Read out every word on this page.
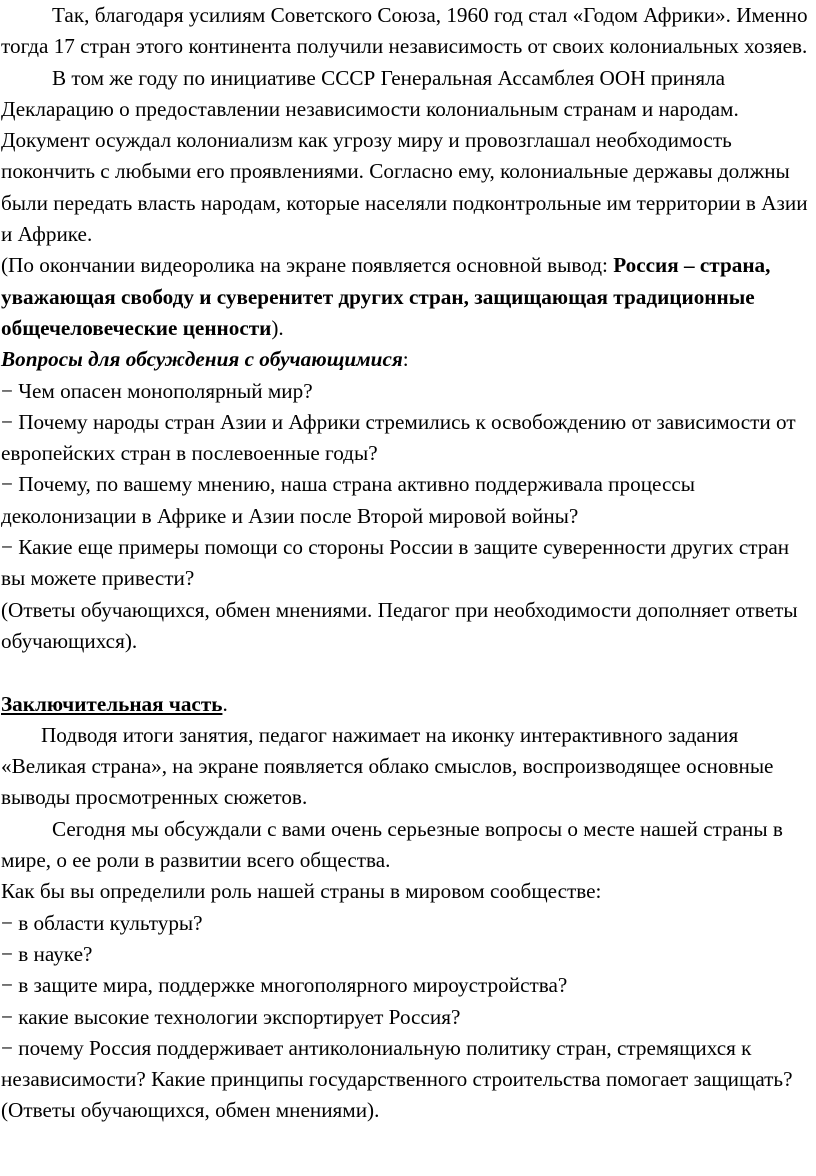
Так, благодаря усилиям Советского Союза, 1960 год стал «Годом Африки». Именно тогда 17 стран этого континента получили независимость от своих колониальных хозяев.

В том же году по инициативе СССР Генеральная Ассамблея ООН приняла Декларацию о предоставлении независимости колониальным странам и народам. Документ осуждал колониализм как угрозу миру и провозглашал необходимость покончить с любыми его проявлениями. Согласно ему, колониальные державы должны были передать власть народам, которые населяли подконтрольные им территории в Азии и Африке.

(По окончании видеоролика на экране появляется основной вывод: Россия – страна, уважающая свободу и суверенитет других стран, защищающая традиционные общечеловеческие ценности).

Вопросы для обсуждения с обучающимися:

− Чем опасен монополярный мир?

− Почему народы стран Азии и Африки стремились к освобождению от зависимости от европейских стран в послевоенные годы?

− Почему, по вашему мнению, наша страна активно поддерживала процессы деколонизации в Африке и Азии после Второй мировой войны?

− Какие еще примеры помощи со стороны России в защите суверенности других стран вы можете привести?

(Ответы обучающихся, обмен мнениями. Педагог при необходимости дополняет ответы обучающихся).

Заключительная часть.

Подводя итоги занятия, педагог нажимает на иконку интерактивного задания «Великая страна», на экране появляется облако смыслов, воспроизводящее основные выводы просмотренных сюжетов.

Сегодня мы обсуждали с вами очень серьезные вопросы о месте нашей страны в мире, о ее роли в развитии всего общества.

Как бы вы определили роль нашей страны в мировом сообществе:

− в области культуры?

− в науке?

− в защите мира, поддержке многополярного мироустройства?

− какие высокие технологии экспортирует Россия?

− почему Россия поддерживает антиколониальную политику стран, стремящихся к независимости? Какие принципы государственного строительства помогает защищать?

(Ответы обучающихся, обмен мнениями).
